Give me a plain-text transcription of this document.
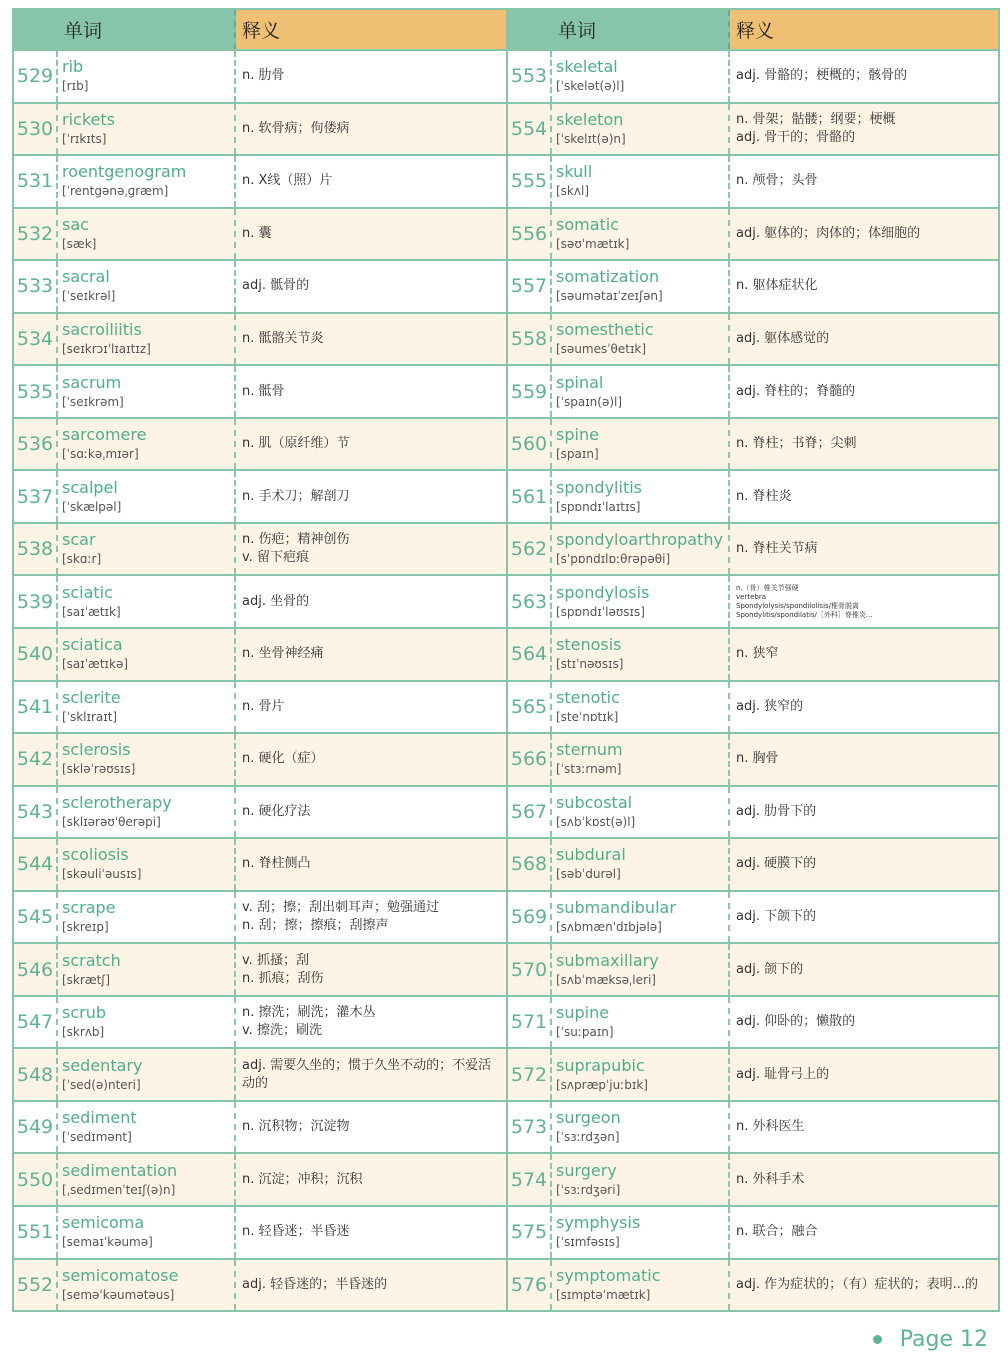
单词	释义
529 rib
[rɪb]
n. 肋骨
530 rickets
[ˈrɪkɪts]
n. 软骨病；佝偻病
531 roentgenogram
[ˈrentgənəˌɡræm]
n. X线（照）片
532 sac
[sæk]
n. 囊
533 sacral
[ˈseɪkrəl]
adj. 骶骨的
534 sacroiliitis
[seɪkrɔɪˈlɪaɪtɪz]
n. 骶髂关节炎
535 sacrum
[ˈseɪkrəm]
n. 骶骨
536 sarcomere
[ˈsɑːkəˌmɪər]
n. 肌（原纤维）节
537 scalpel
[ˈskælpəl]
n. 手术刀；解剖刀
538 scar
[skɑːr]
n. 伤疤；精神创伤
v. 留下疤痕
539 sciatic
[saɪˈætɪk]
adj. 坐骨的
540 sciatica
[saɪˈætɪkə]
n. 坐骨神经痛
541 sclerite
[ˈsklɪraɪt]
n. 骨片
542 sclerosis
[skləˈrəʊsɪs]
n. 硬化（症）
543 sclerotherapy
[sklɪərəʊˈθerəpi]
n. 硬化疗法
544 scoliosis
[skəuliˈəusɪs]
n. 脊柱侧凸
545 scrape
[skreɪp]
v. 刮；擦；刮出刺耳声；勉强通过
n. 刮；擦；擦痕；刮擦声
546 scratch
[skrætʃ]
v. 抓搔；刮
n. 抓痕；刮伤
547 scrub
[skrʌb]
n. 擦洗；刷洗；灌木丛
v. 擦洗；刷洗
548 sedentary
[ˈsed(ə)nteri]
adj. 需要久坐的；惯于久坐不动的；不爱活动的
549 sediment
[ˈsedɪmənt]
n. 沉积物；沉淀物
550 sedimentation
[ˌsedɪmenˈteɪʃ(ə)n]
n. 沉淀；冲积；沉积
551 semicoma
[semaɪˈkəumə]
n. 轻昏迷；半昏迷
552 semicomatose
[seməˈkəumətəus]
adj. 轻昏迷的；半昏迷的
单词	释义
553 skeletal
[ˈskelət(ə)l]
adj. 骨骼的；梗概的；骸骨的
554 skeleton
[ˈskelɪt(ə)n]
n. 骨架；骷髅；纲要；梗概
adj. 骨干的；骨骼的
555 skull
[skʌl]
n. 颅骨；头骨
556 somatic
[səʊˈmætɪk]
adj. 躯体的；肉体的；体细胞的
557 somatization
[səumətaɪˈzeɪʃən]
n. 躯体症状化
558 somesthetic
[səumesˈθetɪk]
adj. 躯体感觉的
559 spinal
[ˈspaɪn(ə)l]
adj. 脊柱的；脊髓的
560 spine
[spaɪn]
n. 脊柱；书脊；尖刺
561 spondylitis
[spɒndɪˈlaɪtɪs]
n. 脊柱炎
562 spondyloarthropathy
[sˈpɒndɪlɒːθrəpəθi]
n. 脊柱关节病
563 spondylosis
[spɒndɪˈləʊsɪs]
n.（骨）椎关节强硬
vertebra
Spondylolysis/spondilolisis/椎骨脱离
Spondylitis/spondilatis/［外科］脊椎炎...
564 stenosis
[stɪˈnəʊsɪs]
n. 狭窄
565 stenotic
[steˈnɒtɪk]
adj. 狭窄的
566 sternum
[ˈstɜːrnəm]
n. 胸骨
567 subcostal
[sʌbˈkɒst(ə)l]
adj. 肋骨下的
568 subdural
[səbˈdurəl]
adj. 硬膜下的
569 submandibular
[sʌbmænˈdɪbjələ]
adj. 下颌下的
570 submaxillary
[sʌbˈmæksəˌleri]
adj. 颌下的
571 supine
[ˈsuːpaɪn]
adj. 仰卧的；懒散的
572 suprapubic
[sʌpræpˈjuːbɪk]
adj. 耻骨弓上的
573 surgeon
[ˈsɜːrdʒən]
n. 外科医生
574 surgery
[ˈsɜːrdʒəri]
n. 外科手术
575 symphysis
[ˈsɪmfəsɪs]
n. 联合；融合
576 symptomatic
[sɪmptəˈmætɪk]
adj. 作为症状的；（有）症状的；表明...的
Page 12
